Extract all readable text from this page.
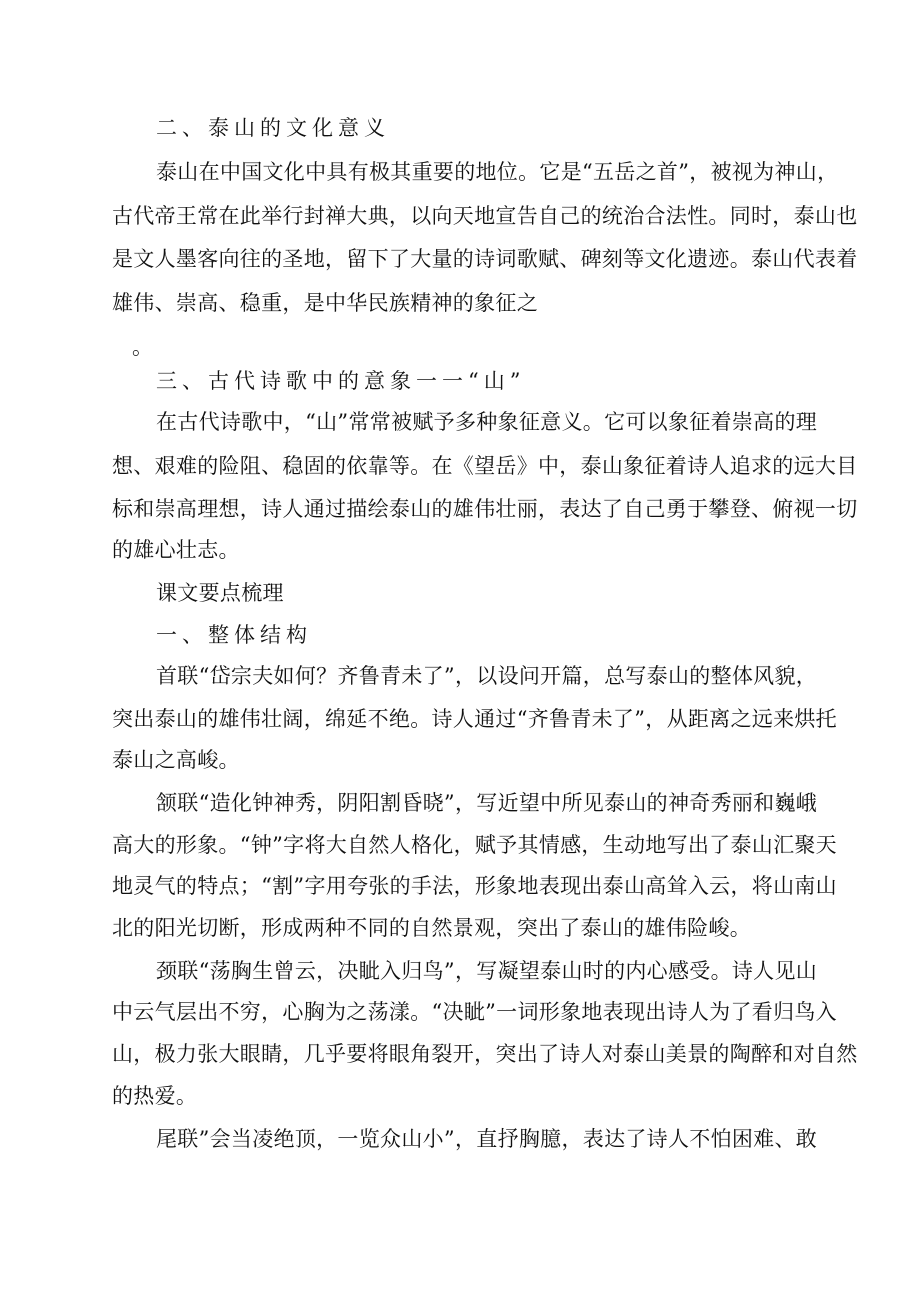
二、泰山的文化意义
泰山在中国文化中具有极其重要的地位。它是“五岳之首”，被视为神山，
古代帝王常在此举行封禅大典，以向天地宣告自己的统治合法性。同时，泰山也
是文人墨客向往的圣地，留下了大量的诗词歌赋、碑刻等文化遗迹。泰山代表着
雄伟、崇高、稳重，是中华民族精神的象征之
。
三、古代诗歌中的意象一一“山”
在古代诗歌中，“山”常常被赋予多种象征意义。它可以象征着崇高的理
想、艰难的险阻、稳固的依靠等。在《望岳》中，泰山象征着诗人追求的远大目
标和崇高理想，诗人通过描绘泰山的雄伟壮丽，表达了自己勇于攀登、俯视一切
的雄心壮志。
课文要点梳理
一、整体结构
首联“岱宗夫如何？齐鲁青未了”，以设问开篇，总写泰山的整体风貌，
突出泰山的雄伟壮阔，绵延不绝。诗人通过“齐鲁青未了”，从距离之远来烘托
泰山之高峻。
颔联“造化钟神秀，阴阳割昏晓”，写近望中所见泰山的神奇秀丽和巍峨
高大的形象。“钟”字将大自然人格化，赋予其情感，生动地写出了泰山汇聚天
地灵气的特点；“割”字用夸张的手法，形象地表现出泰山高耸入云，将山南山
北的阳光切断，形成两种不同的自然景观，突出了泰山的雄伟险峻。
颈联“荡胸生曾云，决眦入归鸟”，写凝望泰山时的内心感受。诗人见山
中云气层出不穷，心胸为之荡漾。“决眦”一词形象地表现出诗人为了看归鸟入
山，极力张大眼睛，几乎要将眼角裂开，突出了诗人对泰山美景的陶醉和对自然
的热爱。
尾联”会当凌绝顶，一览众山小”，直抒胸臆，表达了诗人不怕困难、敢
